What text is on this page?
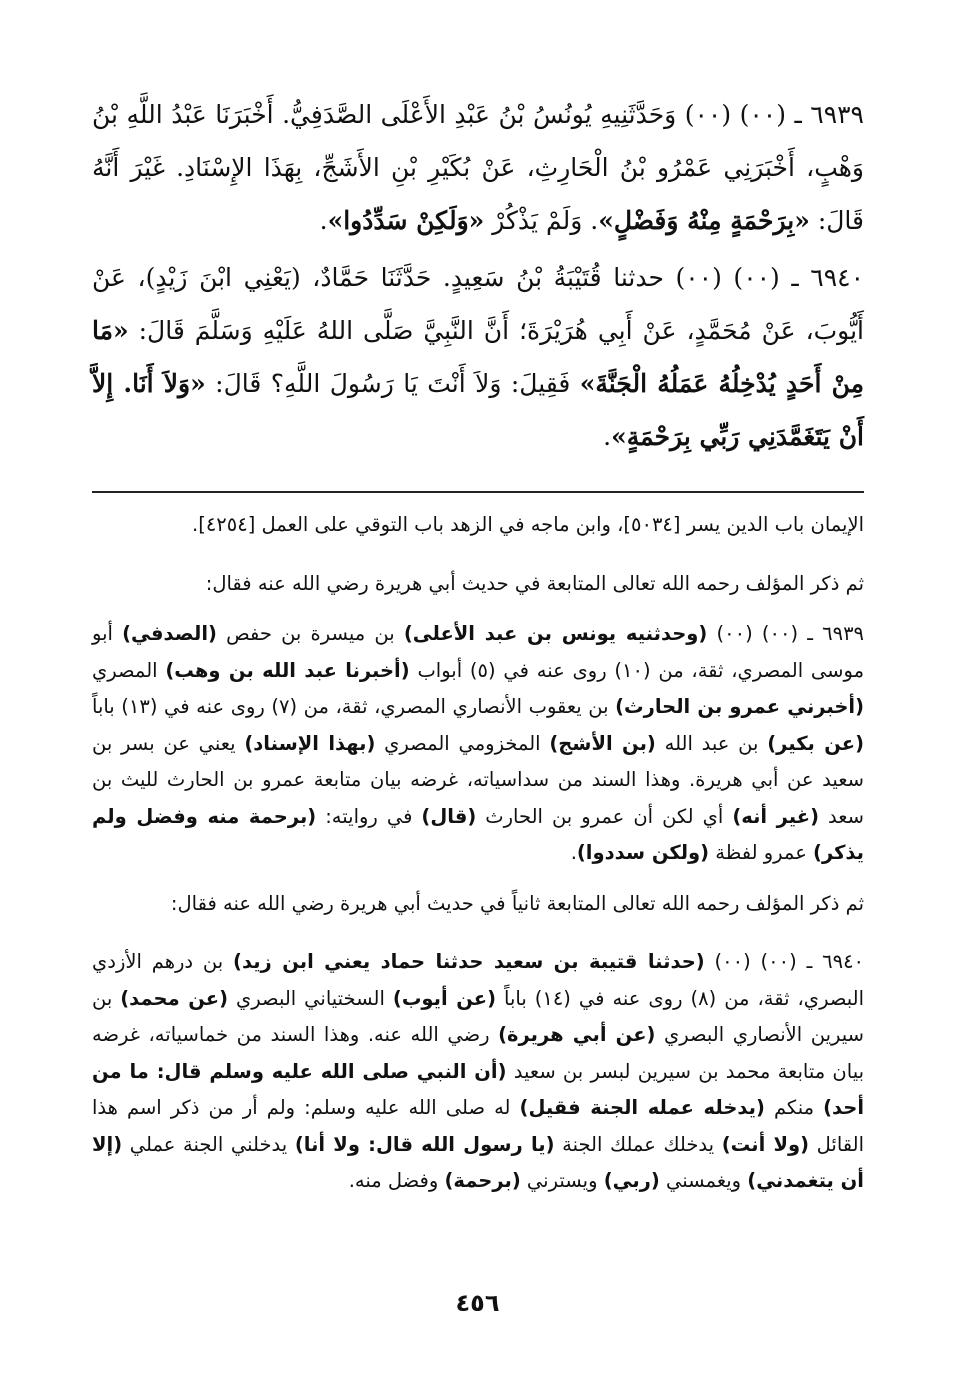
٦٩٣٩ ـ (٠٠) (٠٠) وَحَدَّثَنِيهِ يُونُسُ بْنُ عَبْدِ الأَعْلَى الصَّدَفِيُّ. أَخْبَرَنَا عَبْدُ اللَّهِ بْنُ وَهْبٍ، أَخْبَرَنِي عَمْرُو بْنُ الْحَارِثِ، عَنْ بُكَيْرِ بْنِ الأَشَجِّ، بِهَذَا الإِسْنَادِ. غَيْرَ أَنَّهُ قَالَ: «بِرَحْمَةٍ مِنْهُ وَفَضْلٍ». وَلَمْ يَذْكُرْ «وَلَكِنْ سَدِّدُوا».

٦٩٤٠ ـ (٠٠) (٠٠) حدثنا قُتَيْبَةُ بْنُ سَعِيدٍ. حَدَّثَنَا حَمَّادٌ، (يَعْنِي ابْنَ زَيْدٍ)، عَنْ أَيُّوبَ، عَنْ مُحَمَّدٍ، عَنْ أَبِي هُرَيْرَةَ؛ أَنَّ النَّبِيَّ صَلَّى اللهُ عَلَيْهِ وَسَلَّمَ قَالَ: «مَا مِنْ أَحَدٍ يُدْخِلُهُ عَمَلُهُ الْجَنَّةَ» فَقِيلَ: وَلاَ أَنْتَ يَا رَسُولَ اللَّهِ؟ قَالَ: «وَلاَ أَنَا. إِلاَّ أَنْ يَتَغَمَّدَنِي رَبِّي بِرَحْمَةٍ».

الإيمان باب الدين يسر [٥٠٣٤]، وابن ماجه في الزهد باب التوقي على العمل [٤٢٥٤].

ثم ذكر المؤلف رحمه الله تعالى المتابعة في حديث أبي هريرة رضي الله عنه فقال:

٦٩٣٩ ـ (٠٠) (٠٠) (وحدثنيه يونس بن عبد الأعلى) بن ميسرة بن حفص (الصدفي) أبو موسى المصري، ثقة، من (١٠) روى عنه في (٥) أبواب (أخبرنا عبد الله بن وهب) المصري (أخبرني عمرو بن الحارث) بن يعقوب الأنصاري المصري، ثقة، من (٧) روى عنه في (١٣) باباً (عن بكير) بن عبد الله (بن الأشج) المخزومي المصري (بهذا الإسناد) يعني عن بسر بن سعيد عن أبي هريرة. وهذا السند من سداسياته، غرضه بيان متابعة عمرو بن الحارث لليث بن سعد (غير أنه) أي لكن أن عمرو بن الحارث (قال) في روايته: (برحمة منه وفضل ولم يذكر) عمرو لفظة (ولكن سددوا).

ثم ذكر المؤلف رحمه الله تعالى المتابعة ثانياً في حديث أبي هريرة رضي الله عنه فقال:

٦٩٤٠ ـ (٠٠) (٠٠) (حدثنا قتيبة بن سعيد حدثنا حماد يعني ابن زيد) بن درهم الأزدي البصري، ثقة، من (٨) روى عنه في (١٤) باباً (عن أيوب) السختياني البصري (عن محمد) بن سيرين الأنصاري البصري (عن أبي هريرة) رضي الله عنه. وهذا السند من خماسياته، غرضه بيان متابعة محمد بن سيرين لبسر بن سعيد (أن النبي صلى الله عليه وسلم قال: ما من أحد) منكم (يدخله عمله الجنة فقيل) له صلى الله عليه وسلم: ولم أر من ذكر اسم هذا القائل (ولا أنت) يدخلك عملك الجنة (يا رسول الله قال: ولا أنا) يدخلني الجنة عملي (إلا أن يتغمدني) ويغمسني (ربي) ويسترني (برحمة) وفضل منه.

٤٥٦
